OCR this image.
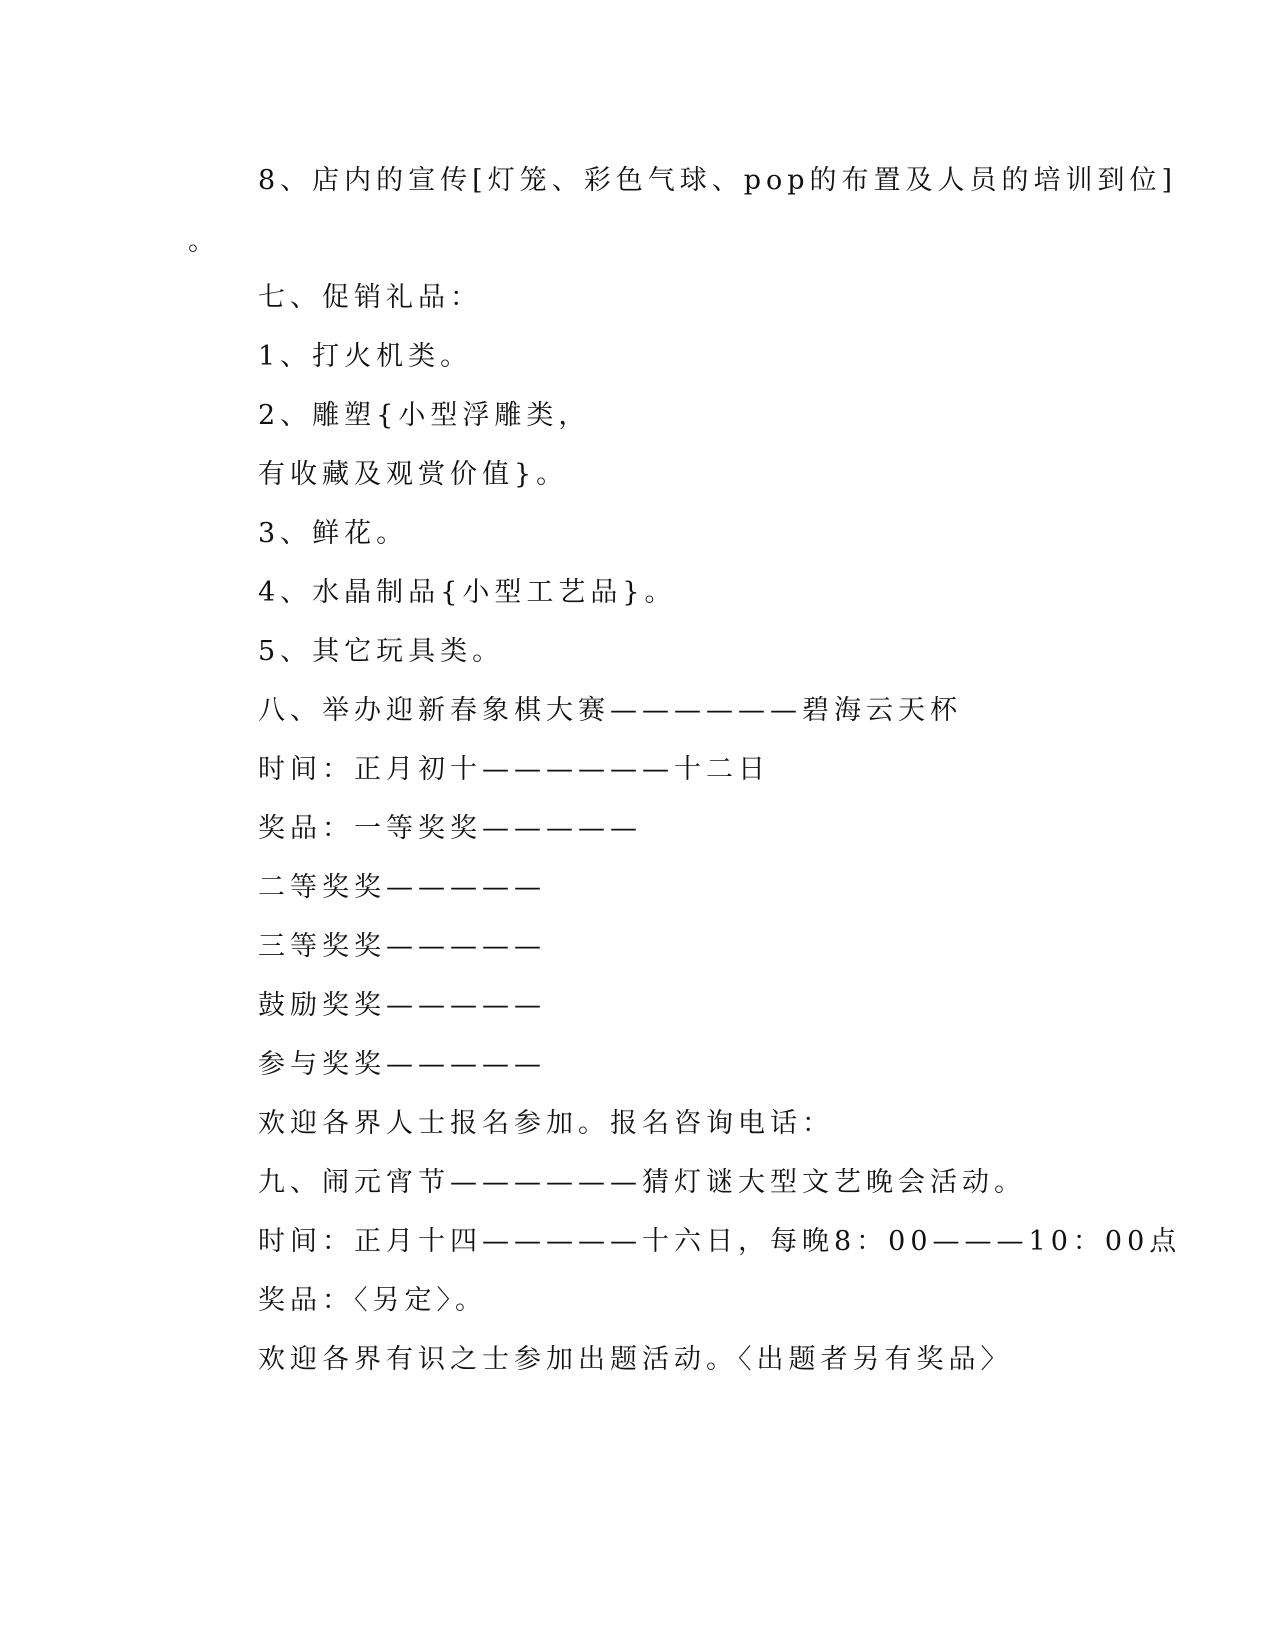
8、店内的宣传[灯笼、彩色气球、pop的布置及人员的培训到位]

。

七、促销礼品：

1、打火机类。

2、雕塑{小型浮雕类，

有收藏及观赏价值}。

3、鲜花。

4、水晶制品{小型工艺品}。

5、其它玩具类。

八、举办迎新春象棋大赛——————碧海云天杯

时间：正月初十——————十二日

奖品：一等奖奖—————

二等奖奖—————

三等奖奖—————

鼓励奖奖—————

参与奖奖—————

欢迎各界人士报名参加。报名咨询电话：

九、闹元宵节——————猜灯谜大型文艺晚会活动。

时间：正月十四—————十六日，每晚8：00———10：00点

奖品：〈另定〉。

欢迎各界有识之士参加出题活动。〈出题者另有奖品〉
